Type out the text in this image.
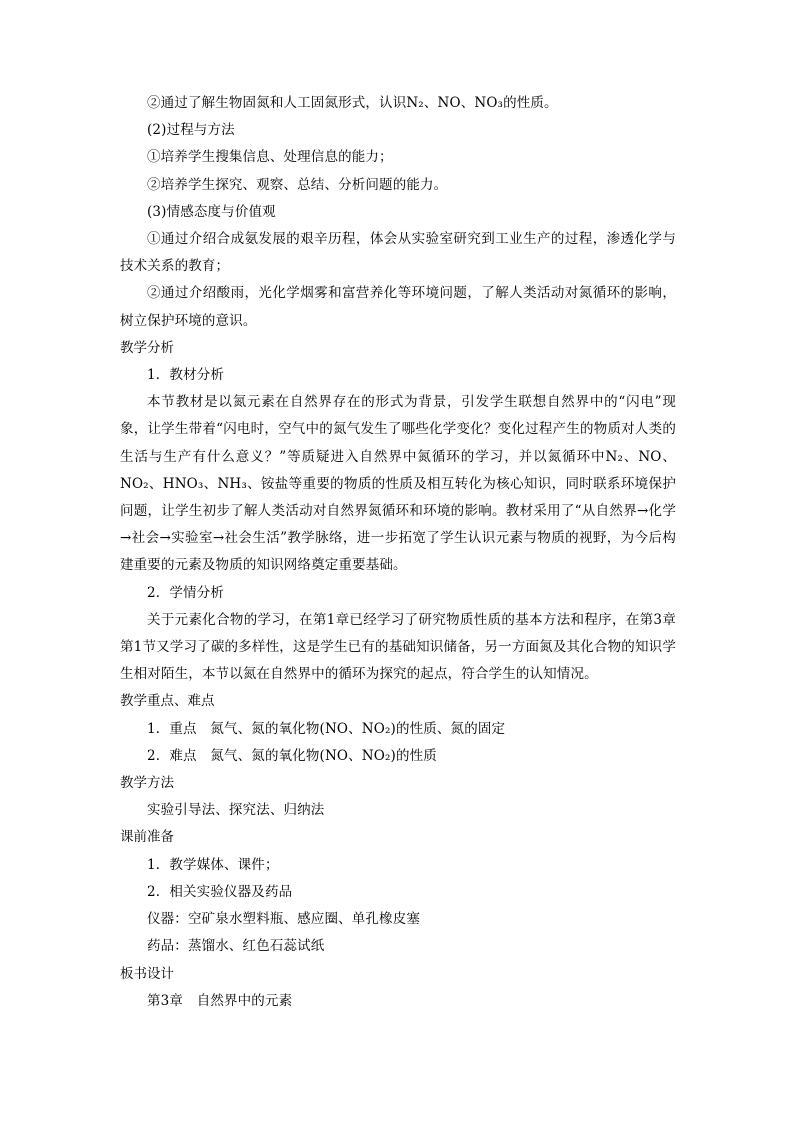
②通过了解生物固氮和人工固氮形式，认识N₂、NO、NO₃的性质。
(2)过程与方法
①培养学生搜集信息、处理信息的能力；
②培养学生探究、观察、总结、分析问题的能力。
(3)情感态度与价值观
①通过介绍合成氨发展的艰辛历程，体会从实验室研究到工业生产的过程，渗透化学与技术关系的教育；
②通过介绍酸雨，光化学烟雾和富营养化等环境问题，了解人类活动对氮循环的影响，树立保护环境的意识。
教学分析
1．教材分析
本节教材是以氮元素在自然界存在的形式为背景，引发学生联想自然界中的“闪电”现象，让学生带着“闪电时，空气中的氮气发生了哪些化学变化？变化过程产生的物质对人类的生活与生产有什么意义？”等质疑进入自然界中氮循环的学习，并以氮循环中N₂、NO、NO₂、HNO₃、NH₃、铵盐等重要的物质的性质及相互转化为核心知识，同时联系环境保护问题，让学生初步了解人类活动对自然界氮循环和环境的影响。教材采用了“从自然界→化学→社会→实验室→社会生活”教学脉络，进一步拓宽了学生认识元素与物质的视野，为今后构建重要的元素及物质的知识网络奠定重要基础。
2．学情分析
关于元素化合物的学习，在第1章已经学习了研究物质性质的基本方法和程序，在第3章第1节又学习了碳的多样性，这是学生已有的基础知识储备，另一方面氮及其化合物的知识学生相对陌生，本节以氮在自然界中的循环为探究的起点，符合学生的认知情况。
教学重点、难点
1．重点　氮气、氮的氧化物(NO、NO₂)的性质、氮的固定
2．难点　氮气、氮的氧化物(NO、NO₂)的性质
教学方法
实验引导法、探究法、归纳法
课前准备
1．教学媒体、课件；
2．相关实验仪器及药品
仪器：空矿泉水塑料瓶、感应圈、单孔橡皮塞
药品：蒸馏水、红色石蕊试纸
板书设计
第3章　自然界中的元素
